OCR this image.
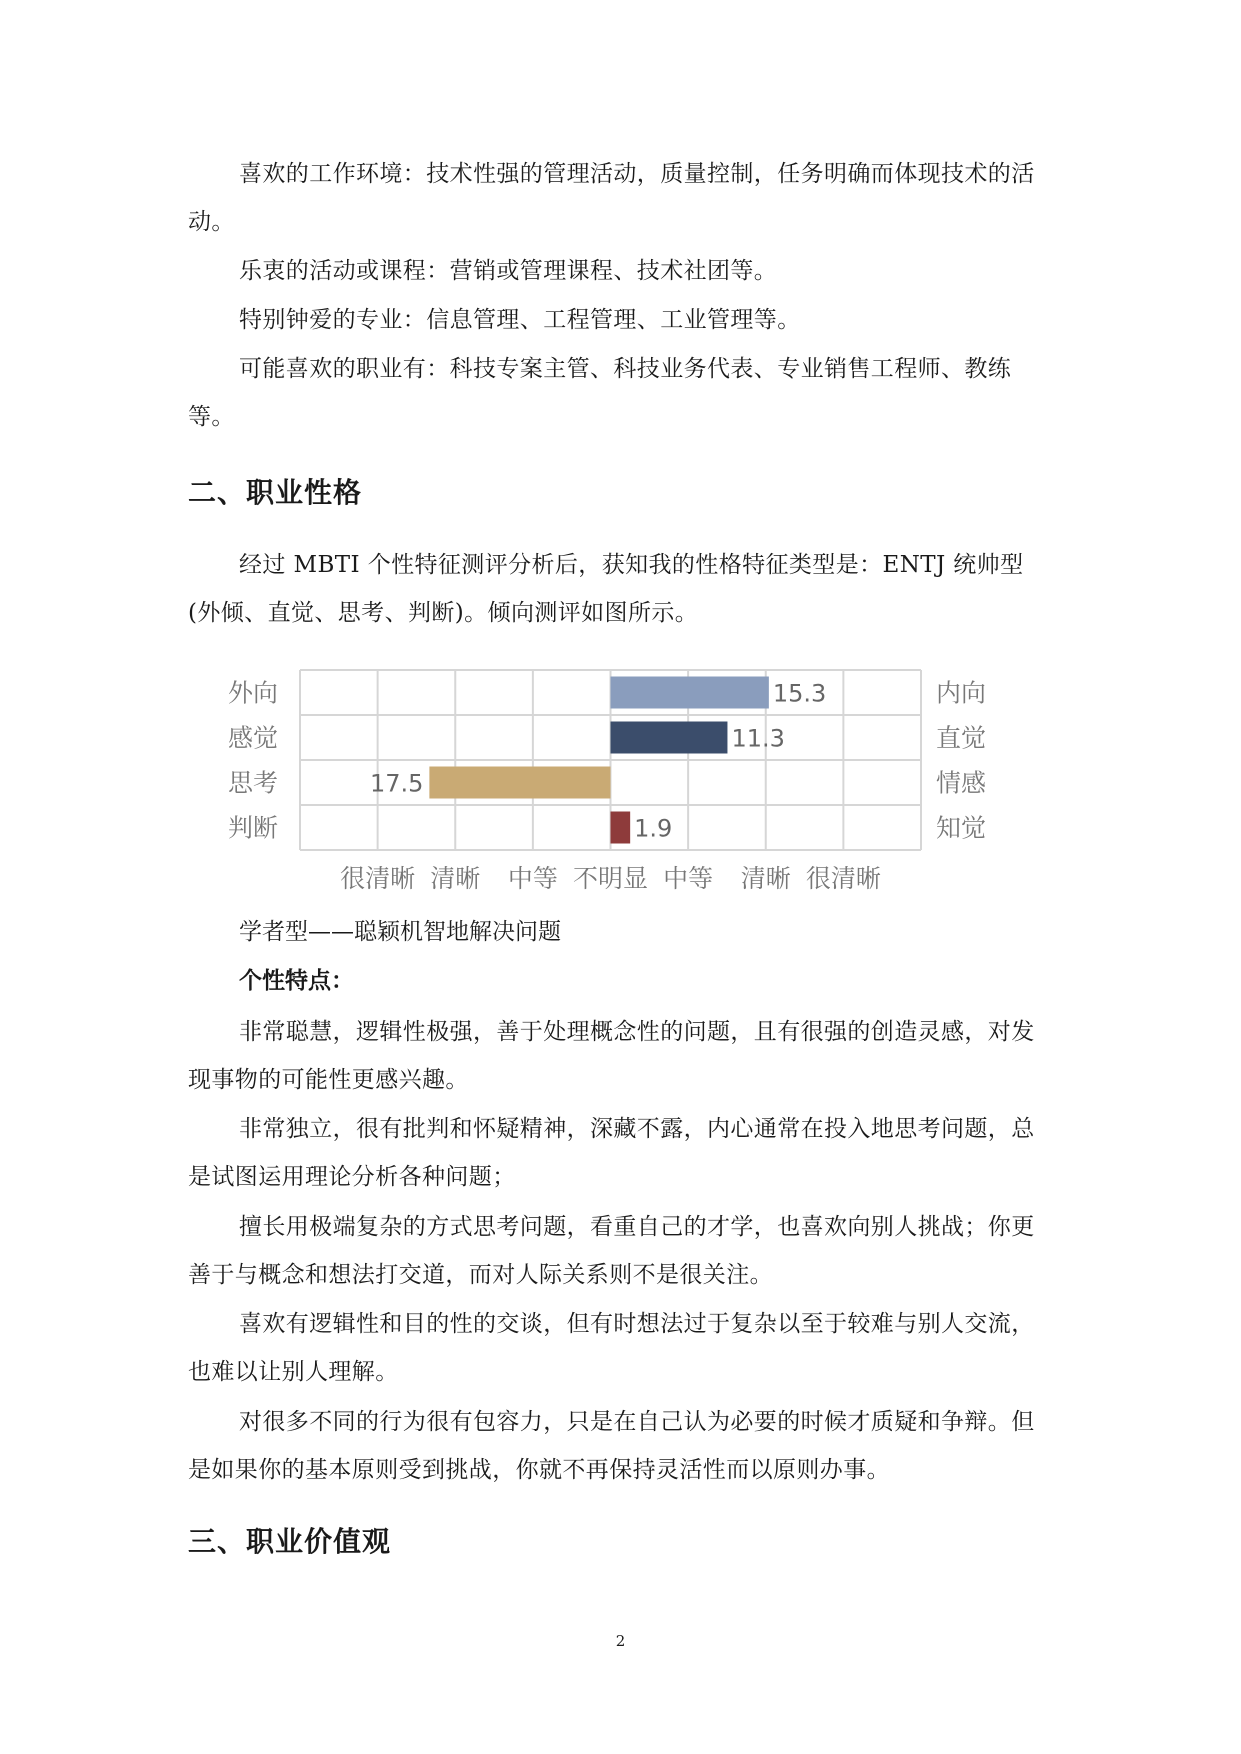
喜欢的工作环境：技术性强的管理活动，质量控制，任务明确而体现技术的活动。

乐衷的活动或课程：营销或管理课程、技术社团等。

特别钟爱的专业：信息管理、工程管理、工业管理等。

可能喜欢的职业有：科技专案主管、科技业务代表、专业销售工程师、教练等。

二、职业性格

经过 MBTI 个性特征测评分析后，获知我的性格特征类型是：ENTJ 统帅型(外倾、直觉、思考、判断)。倾向测评如图所示。

15.3
外向	内向
11.3
感觉	直觉
17.5
思考	情感
1.9
判断	知觉
很清晰 清晰 中等 不明显 中等 清晰 很清晰

学者型——聪颖机智地解决问题

个性特点：

非常聪慧，逻辑性极强，善于处理概念性的问题，且有很强的创造灵感，对发现事物的可能性更感兴趣。

非常独立，很有批判和怀疑精神，深藏不露，内心通常在投入地思考问题，总是试图运用理论分析各种问题；

擅长用极端复杂的方式思考问题，看重自己的才学，也喜欢向别人挑战；你更善于与概念和想法打交道，而对人际关系则不是很关注。

喜欢有逻辑性和目的性的交谈，但有时想法过于复杂以至于较难与别人交流，也难以让别人理解。

对很多不同的行为很有包容力，只是在自己认为必要的时候才质疑和争辩。但是如果你的基本原则受到挑战，你就不再保持灵活性而以原则办事。

三、职业价值观
2
